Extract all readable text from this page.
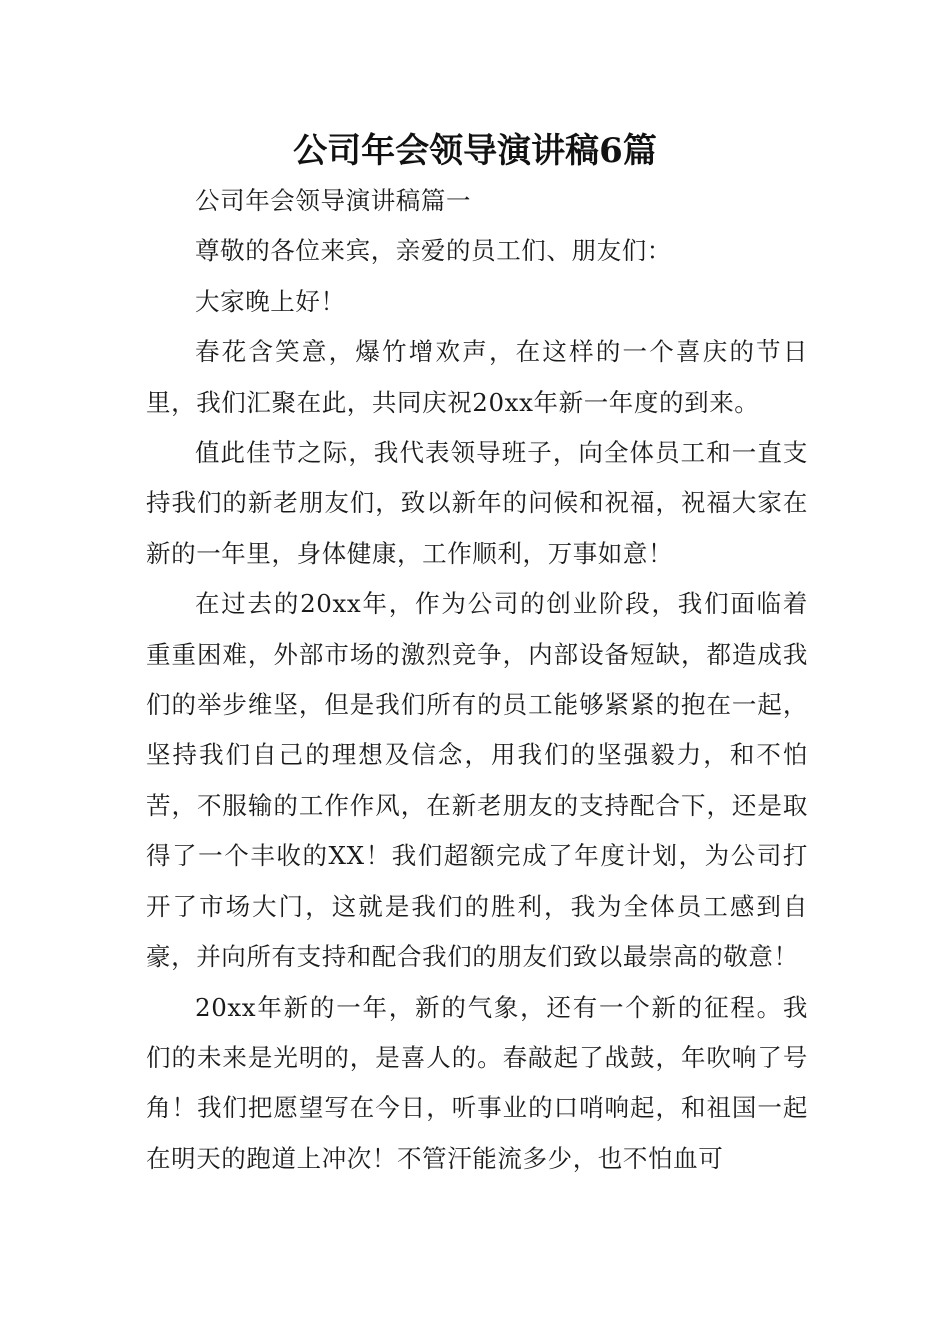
公司年会领导演讲稿6篇

公司年会领导演讲稿篇一

尊敬的各位来宾，亲爱的员工们、朋友们：

大家晚上好！

春花含笑意，爆竹增欢声，在这样的一个喜庆的节日里，我们汇聚在此，共同庆祝20xx年新一年度的到来。

值此佳节之际，我代表领导班子，向全体员工和一直支持我们的新老朋友们，致以新年的问候和祝福，祝福大家在新的一年里，身体健康，工作顺利，万事如意！

在过去的20xx年，作为公司的创业阶段，我们面临着重重困难，外部市场的激烈竞争，内部设备短缺，都造成我们的举步维坚，但是我们所有的员工能够紧紧的抱在一起，坚持我们自己的理想及信念，用我们的坚强毅力，和不怕苦，不服输的工作作风，在新老朋友的支持配合下，还是取得了一个丰收的XX！我们超额完成了年度计划，为公司打开了市场大门，这就是我们的胜利，我为全体员工感到自豪，并向所有支持和配合我们的朋友们致以最崇高的敬意！

20xx年新的一年，新的气象，还有一个新的征程。我们的未来是光明的，是喜人的。春敲起了战鼓，年吹响了号角！我们把愿望写在今日，听事业的口哨响起，和祖国一起在明天的跑道上冲次！不管汗能流多少，也不怕血可
